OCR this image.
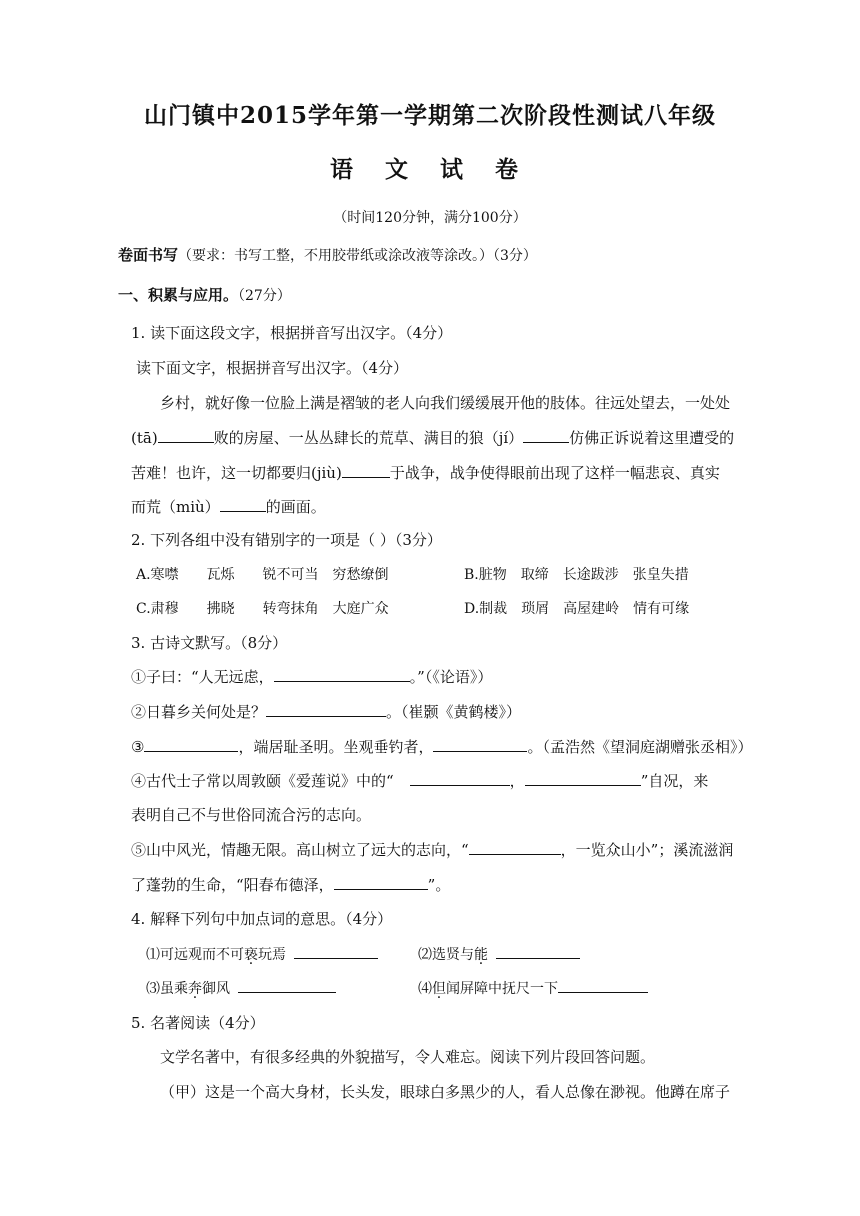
山门镇中2015学年第一学期第二次阶段性测试八年级
语 文 试 卷
（时间120分钟，满分100分）
卷面书写（要求：书写工整，不用胶带纸或涂改液等涂改。）（3分）
一、积累与应用。（27分）
1. 读下面这段文字，根据拼音写出汉字。（4分）
读下面文字，根据拼音写出汉字。（4分）
乡村，就好像一位脸上满是褶皱的老人向我们缓缓展开他的肢体。往远处望去，一处处
(tā)	败的房屋、一丛丛肆长的荒草、满目的狼（jí）	仿佛正诉说着这里遭受的
苦难！也许，这一切都要归(jiù)	于战争，战争使得眼前出现了这样一幅悲哀、真实
而荒（miù）	的画面。
2. 下列各组中没有错别字的一项是（ ）（3分）
A.寒噤　　瓦烁　　锐不可当　穷愁缭倒	B.脏物　取缔　长途跋涉　张皇失措
C.肃穆　　拂晓　　转弯抹角　大庭广众	D.制裁　琐屑　高屋建岭　情有可缘
3. 古诗文默写。（8分）
①子曰：“人无远虑，	。”（《论语》）
②日暮乡关何处是？	。（崔颢《黄鹤楼》）
③	，端居耻圣明。坐观垂钓者，	。（孟浩然《望洞庭湖赠张丞相》）
④古代士子常以周敦颐《爱莲说》中的“	，	”自况，来
表明自己不与世俗同流合污的志向。
⑤山中风光，情趣无限。高山树立了远大的志向，“	，一览众山小”；溪流滋润
了蓬勃的生命，“阳春布德泽，	”。
4. 解释下列句中加点词的意思。（4分）
⑴可远观而不可亵玩焉	⑵选贤与能
⑶虽乘奔御风	⑷但闻屏障中抚尺一下
5. 名著阅读（4分）
文学名著中，有很多经典的外貌描写，令人难忘。阅读下列片段回答问题。
（甲）这是一个高大身材，长头发，眼球白多黑少的人，看人总像在渺视。他蹲在席子
